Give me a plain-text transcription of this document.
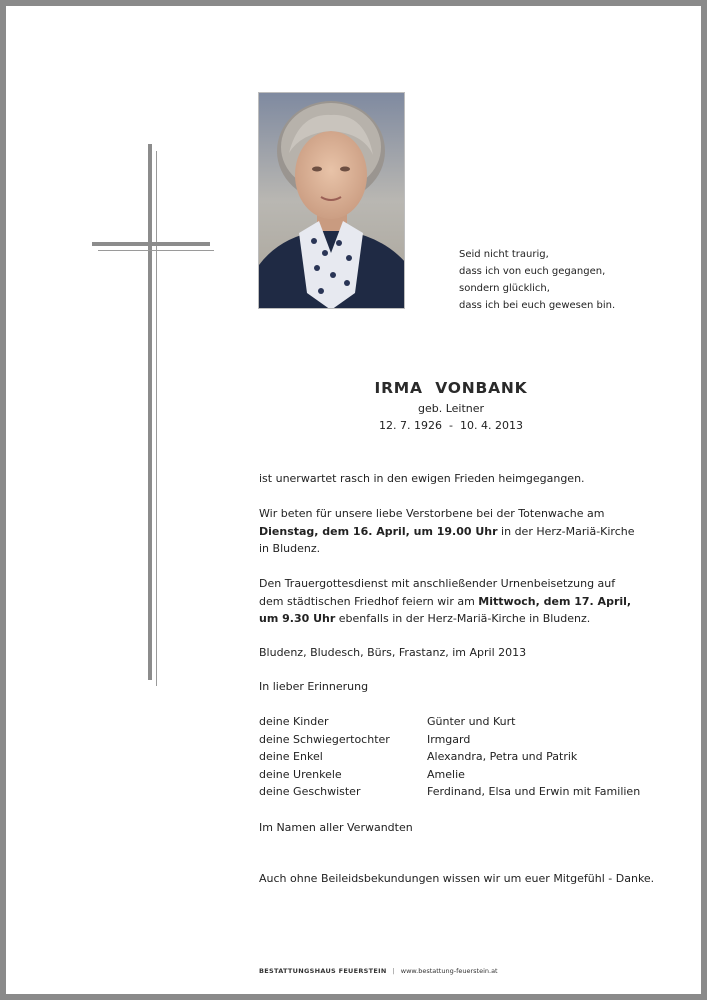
Seid nicht traurig,
dass ich von euch gegangen,
sondern glücklich,
dass ich bei euch gewesen bin.
IRMA  VONBANK
geb. Leitner
12. 7. 1926  -  10. 4. 2013
ist unerwartet rasch in den ewigen Frieden heimgegangen.
Wir beten für unsere liebe Verstorbene bei der Totenwache am
Dienstag, dem 16. April, um 19.00 Uhr in der Herz-Mariä-Kirche
in Bludenz.
Den Trauergottesdienst mit anschließender Urnenbeisetzung auf
dem städtischen Friedhof feiern wir am Mittwoch, dem 17. April,
um 9.30 Uhr ebenfalls in der Herz-Mariä-Kirche in Bludenz.
Bludenz, Bludesch, Bürs, Frastanz, im April 2013
In lieber Erinnerung
deine Kinder	Günter und Kurt
deine Schwiegertochter	Irmgard
deine Enkel	Alexandra, Petra und Patrik
deine Urenkele	Amelie
deine Geschwister	Ferdinand, Elsa und Erwin mit Familien
Im Namen aller Verwandten
Auch ohne Beileidsbekundungen wissen wir um euer Mitgefühl - Danke.
BESTATTUNGSHAUS FEUERSTEIN | www.bestattung-feuerstein.at
